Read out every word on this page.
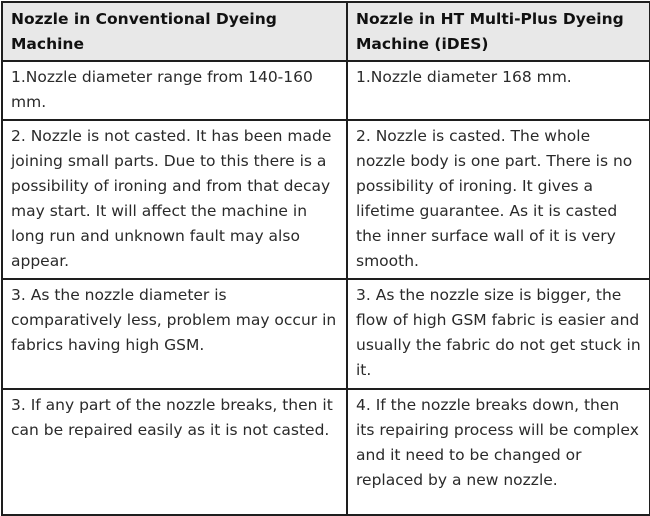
Nozzle in Conventional Dyeing Machine	Nozzle in HT Multi-Plus Dyeing Machine (iDES)
1.Nozzle diameter range from 140-160 mm.	1.Nozzle diameter 168 mm.
2. Nozzle is not casted. It has been made joining small parts. Due to this there is a possibility of ironing and from that decay may start. It will affect the machine in long run and unknown fault may also appear.	2. Nozzle is casted. The whole nozzle body is one part. There is no possibility of ironing. It gives a lifetime guarantee. As it is casted the inner surface wall of it is very smooth.
3. As the nozzle diameter is comparatively less, problem may occur in fabrics having high GSM.	3. As the nozzle size is bigger, the flow of high GSM fabric is easier and usually the fabric do not get stuck in it.
3. If any part of the nozzle breaks, then it can be repaired easily as it is not casted.	4. If the nozzle breaks down, then its repairing process will be complex and it need to be changed or replaced by a new nozzle.
